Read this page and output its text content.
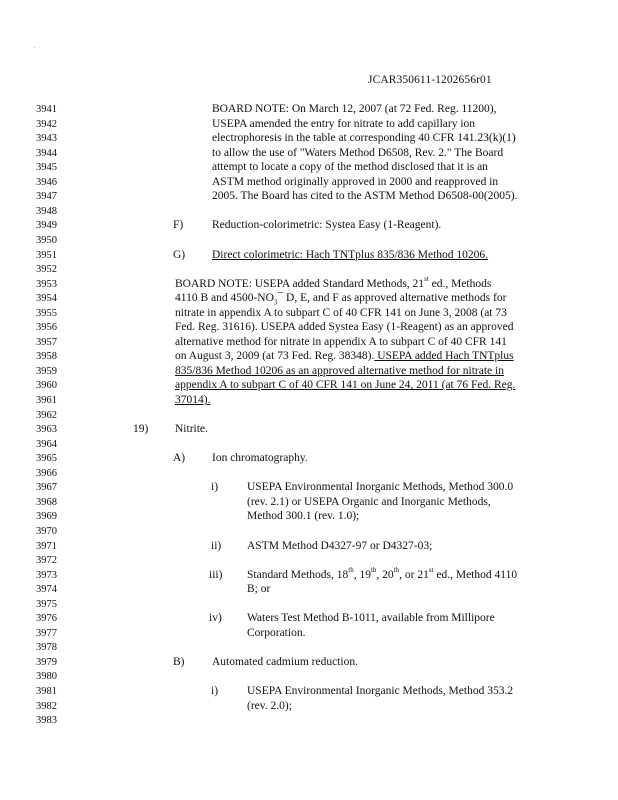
.
JCAR350611-1202656r01
3941	BOARD NOTE: On March 12, 2007 (at 72 Fed. Reg. 11200),
3942	USEPA amended the entry for nitrate to add capillary ion
3943	electrophoresis in the table at corresponding 40 CFR 141.23(k)(1)
3944	to allow the use of "Waters Method D6508, Rev. 2." The Board
3945	attempt to locate a copy of the method disclosed that it is an
3946	ASTM method originally approved in 2000 and reapproved in
3947	2005. The Board has cited to the ASTM Method D6508-00(2005).
3948
3949	F)	Reduction-colorimetric: Systea Easy (1-Reagent).
3950
3951	G) Direct colorimetric: Hach TNTplus 835/836 Method 10206.
3952
3953	BOARD NOTE: USEPA added Standard Methods, 21st ed., Methods
3954	4110 B and $4500-NO_3¯$ D, E, and F as approved alternative methods for
3955	nitrate in appendix A to subpart C of 40 CFR 141 on June 3, 2008 (at 73
3956	Fed. Reg. 31616). USEPA added Systea Easy (1-Reagent) as an approved
3957	alternative method for nitrate in appendix A to subpart C of 40 CFR 141
3958	on August 3, 2009 (at 73 Fed. Reg. 38348). USEPA added Hach TNTplus
3959	835/836 Method 10206 as an approved alternative method for nitrate in
3960	appendix A to subpart C of 40 CFR 141 on June 24, 2011 (at 76 Fed. Reg.
3961	37014).
3962
3963	19) Nitrite.
3964
3965	A) Ion chromatography.
3966
3967	i)	USEPA Environmental Inorganic Methods, Method 300.0
3968	(rev. 2.1) or USEPA Organic and Inorganic Methods,
3969	Method 300.1 (rev. 1.0);
3970
3971	ii) ASTM Method D4327-97 or D4327-03;
3972
3973	iii) Standard Methods, 18th, 19th, 20th, or 21st ed., Method 4110
3974	B; or
3975
3976	iv) Waters Test Method B-1011, available from Millipore
3977	Corporation.
3978
3979	B) Automated cadmium reduction.
3980
3981	i)	USEPA Environmental Inorganic Methods, Method 353.2
3982	(rev. 2.0);
3983
